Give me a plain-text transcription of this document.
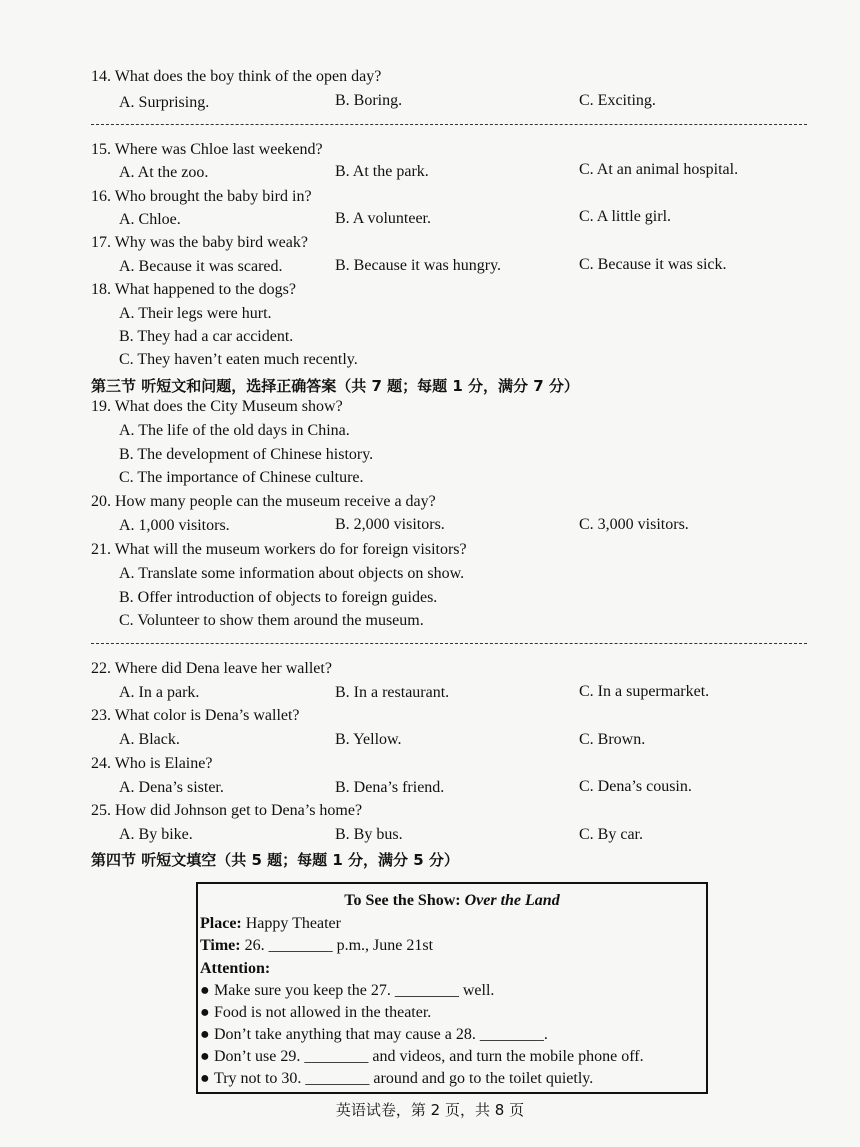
14. What does the boy think of the open day?
A. Surprising.	B. Boring.	C. Exciting.
15. Where was Chloe last weekend?
A. At the zoo.	B. At the park.	C. At an animal hospital.
16. Who brought the baby bird in?
A. Chloe.	B. A volunteer.	C. A little girl.
17. Why was the baby bird weak?
A. Because it was scared.	B. Because it was hungry.	C. Because it was sick.
18. What happened to the dogs?
A. Their legs were hurt.
B. They had a car accident.
C. They haven’t eaten much recently.
第三节 听短文和问题，选择正确答案（共 7 题；每题 1 分，满分 7 分）
19. What does the City Museum show?
A. The life of the old days in China.
B. The development of Chinese history.
C. The importance of Chinese culture.
20. How many people can the museum receive a day?
A. 1,000 visitors.	B. 2,000 visitors.	C. 3,000 visitors.
21. What will the museum workers do for foreign visitors?
A. Translate some information about objects on show.
B. Offer introduction of objects to foreign guides.
C. Volunteer to show them around the museum.
22. Where did Dena leave her wallet?
A. In a park.	B. In a restaurant.	C. In a supermarket.
23. What color is Dena’s wallet?
A. Black.	B. Yellow.	C. Brown.
24. Who is Elaine?
A. Dena’s sister.	B. Dena’s friend.	C. Dena’s cousin.
25. How did Johnson get to Dena’s home?
A. By bike.	B. By bus.	C. By car.
第四节 听短文填空（共 5 题；每题 1 分，满分 5 分）
To See the Show: Over the Land
Place: Happy Theater
Time: 26. ________ p.m., June 21st
Attention:
● Make sure you keep the 27. ________ well.
● Food is not allowed in the theater.
● Don’t take anything that may cause a 28. ________.
● Don’t use 29. ________ and videos, and turn the mobile phone off.
● Try not to 30. ________ around and go to the toilet quietly.
英语试卷，第 2 页，共 8 页
